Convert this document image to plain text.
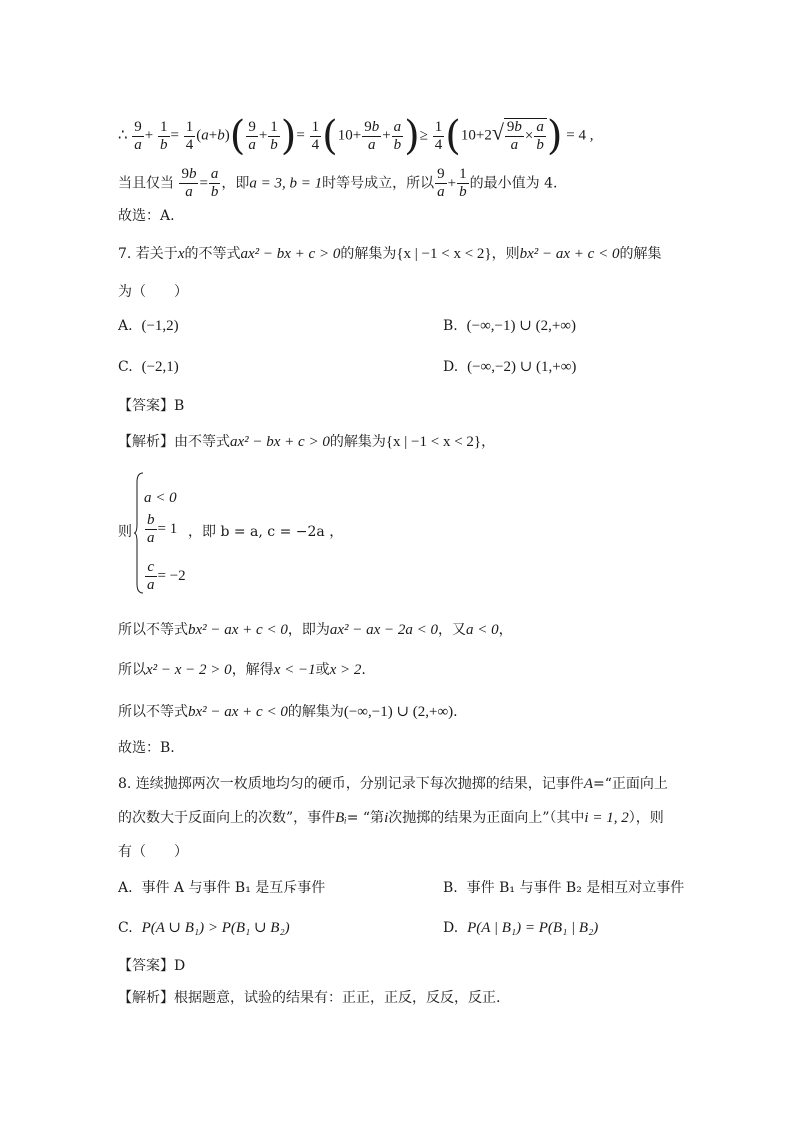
∴ $\frac{9}{a} + \frac{1}{b} = \frac{1}{4} (a+b)( \frac{9}{a} + \frac{1}{b}$ )= $\frac{1}{4} (10+ \frac{9b}{a} + \frac{a}{b}$ )≥ $\frac{1}{4} (10+2√ \frac{9b}{a} \times \frac{a}{b}$ ) = 4 ,
当且仅当 $\frac{9b}{a} = \frac{a}{b}$ ，即a = 3, b = 1时等号成立，所以 $\frac{9}{a} + \frac{1}{b}$ 的最小值为 4.
故选：A.
7. 若关于x的不等式ax² − bx + c > 0的解集为{x | −1 < x < 2}，则bx² − ax + c < 0的解集
为（　　）
A. (−1,2)	B. (−∞,−1) ∪ (2,+∞)
C. (−2,1)	D. (−∞,−2) ∪ (1,+∞)
【答案】B
【解析】由不等式ax² − bx + c > 0的解集为{x | −1 < x < 2}，
则
a < 0
$\frac{b}{a} = 1$
$\frac{c}{a} = -2$
，即 b = a, c = −2a ，
所以不等式bx² − ax + c < 0，即为ax² − ax − 2a < 0，又a < 0，
所以x² − x − 2 > 0，解得x < −1或x > 2.
所以不等式bx² − ax + c < 0的解集为(−∞,−1) ∪ (2,+∞).
故选：B.
8. 连续抛掷两次一枚质地均匀的硬币，分别记录下每次抛掷的结果，记事件A=“正面向上
的次数大于反面向上的次数”，事件Bᵢ= “第i次抛掷的结果为正面向上”（其中i = 1, 2），则
有（　　）
A. 事件 A 与事件 B₁ 是互斥事件	B. 事件 B₁ 与事件 B₂ 是相互对立事件
C. P(A ∪ B₁) > P(B₁ ∪ B₂)	D. P(A | B₁) = P(B₁ | B₂)
【答案】D
【解析】根据题意，试验的结果有：正正，正反，反反，反正.
